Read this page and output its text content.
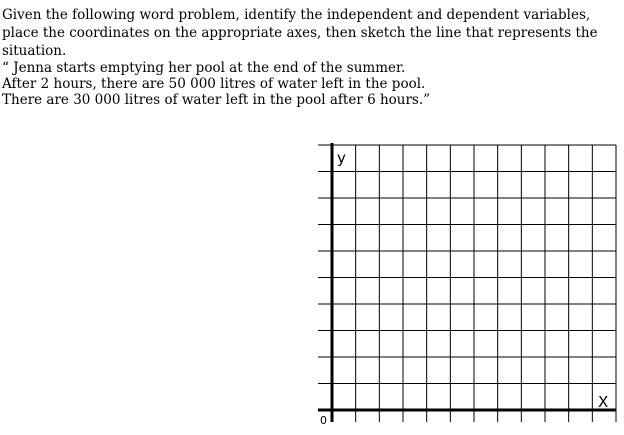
Given the following word problem, identify the independent and dependent variables, place the coordinates on the appropriate axes, then sketch the line that represents the situation.

“ Jenna starts emptying her pool at the end of the summer.
After 2 hours, there are 50 000 litres of water left in the pool.
There are 30 000 litres of water left in the pool after 6 hours.”
y
X
0
